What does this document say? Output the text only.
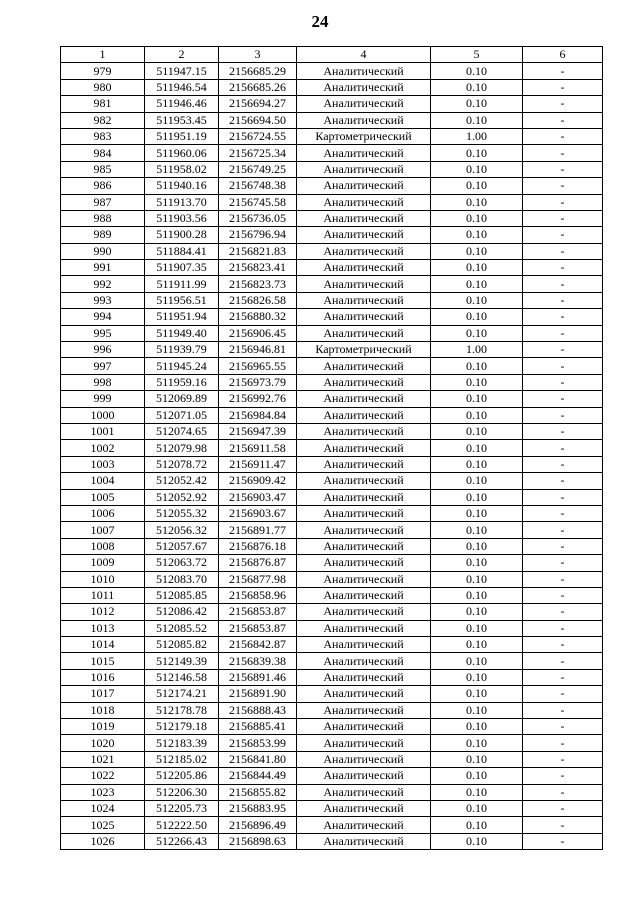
24
1	2	3	4	5	6
979	511947.15	2156685.29	Аналитический	0.10	-
980	511946.54	2156685.26	Аналитический	0.10	-
981	511946.46	2156694.27	Аналитический	0.10	-
982	511953.45	2156694.50	Аналитический	0.10	-
983	511951.19	2156724.55	Картометрический	1.00	-
984	511960.06	2156725.34	Аналитический	0.10	-
985	511958.02	2156749.25	Аналитический	0.10	-
986	511940.16	2156748.38	Аналитический	0.10	-
987	511913.70	2156745.58	Аналитический	0.10	-
988	511903.56	2156736.05	Аналитический	0.10	-
989	511900.28	2156796.94	Аналитический	0.10	-
990	511884.41	2156821.83	Аналитический	0.10	-
991	511907.35	2156823.41	Аналитический	0.10	-
992	511911.99	2156823.73	Аналитический	0.10	-
993	511956.51	2156826.58	Аналитический	0.10	-
994	511951.94	2156880.32	Аналитический	0.10	-
995	511949.40	2156906.45	Аналитический	0.10	-
996	511939.79	2156946.81	Картометрический	1.00	-
997	511945.24	2156965.55	Аналитический	0.10	-
998	511959.16	2156973.79	Аналитический	0.10	-
999	512069.89	2156992.76	Аналитический	0.10	-
1000	512071.05	2156984.84	Аналитический	0.10	-
1001	512074.65	2156947.39	Аналитический	0.10	-
1002	512079.98	2156911.58	Аналитический	0.10	-
1003	512078.72	2156911.47	Аналитический	0.10	-
1004	512052.42	2156909.42	Аналитический	0.10	-
1005	512052.92	2156903.47	Аналитический	0.10	-
1006	512055.32	2156903.67	Аналитический	0.10	-
1007	512056.32	2156891.77	Аналитический	0.10	-
1008	512057.67	2156876.18	Аналитический	0.10	-
1009	512063.72	2156876.87	Аналитический	0.10	-
1010	512083.70	2156877.98	Аналитический	0.10	-
1011	512085.85	2156858.96	Аналитический	0.10	-
1012	512086.42	2156853.87	Аналитический	0.10	-
1013	512085.52	2156853.87	Аналитический	0.10	-
1014	512085.82	2156842.87	Аналитический	0.10	-
1015	512149.39	2156839.38	Аналитический	0.10	-
1016	512146.58	2156891.46	Аналитический	0.10	-
1017	512174.21	2156891.90	Аналитический	0.10	-
1018	512178.78	2156888.43	Аналитический	0.10	-
1019	512179.18	2156885.41	Аналитический	0.10	-
1020	512183.39	2156853.99	Аналитический	0.10	-
1021	512185.02	2156841.80	Аналитический	0.10	-
1022	512205.86	2156844.49	Аналитический	0.10	-
1023	512206.30	2156855.82	Аналитический	0.10	-
1024	512205.73	2156883.95	Аналитический	0.10	-
1025	512222.50	2156896.49	Аналитический	0.10	-
1026	512266.43	2156898.63	Аналитический	0.10	-
